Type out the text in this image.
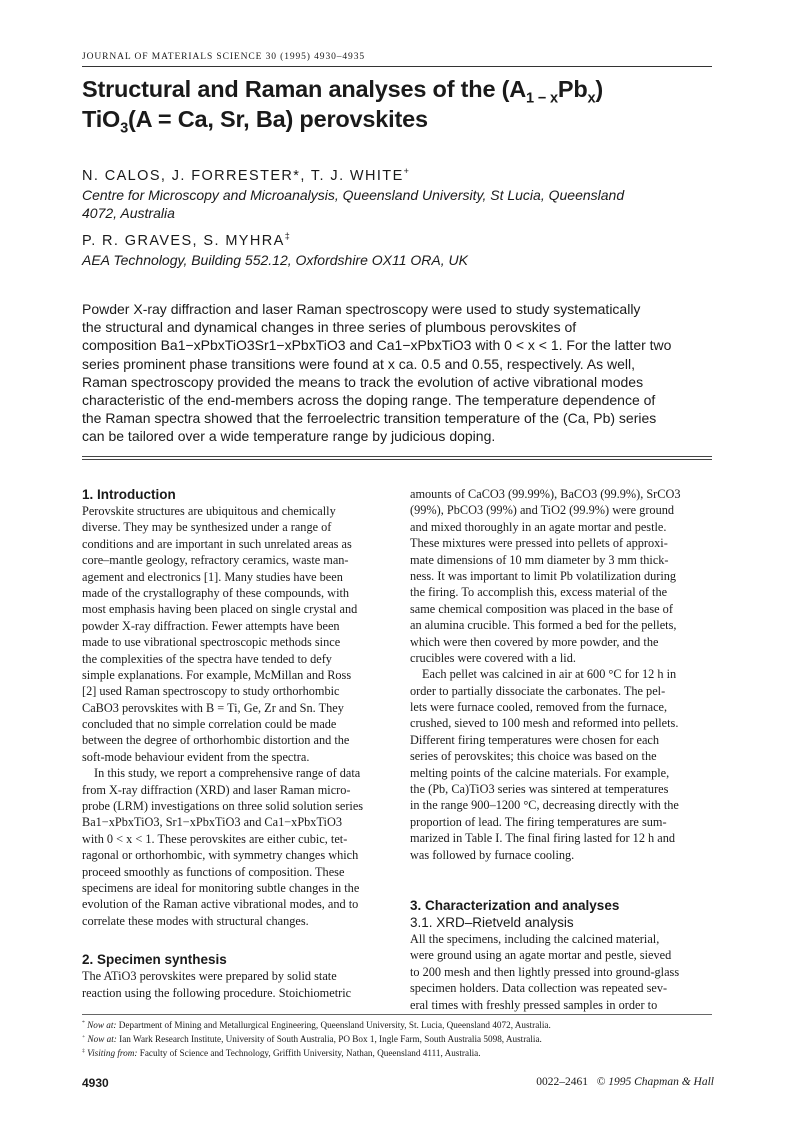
JOURNAL OF MATERIALS SCIENCE 30 (1995) 4930–4935
Structural and Raman analyses of the $(A_{1 - x}Pb_x)$
TiO$_3$(A = Ca, Sr, Ba) perovskites
N. CALOS, J. FORRESTER*, T. J. WHITE+
Centre for Microscopy and Microanalysis, Queensland University, St Lucia, Queensland
4072, Australia
P. R. GRAVES, S. MYHRA‡
AEA Technology, Building 552.12, Oxfordshire OX11 ORA, UK
Powder X-ray diffraction and laser Raman spectroscopy were used to study systematically
the structural and dynamical changes in three series of plumbous perovskites of
composition Ba1−xPbxTiO3Sr1−xPbxTiO3 and Ca1−xPbxTiO3 with 0 < x < 1. For the latter two
series prominent phase transitions were found at x ca. 0.5 and 0.55, respectively. As well,
Raman spectroscopy provided the means to track the evolution of active vibrational modes
characteristic of the end-members across the doping range. The temperature dependence of
the Raman spectra showed that the ferroelectric transition temperature of the (Ca, Pb) series
can be tailored over a wide temperature range by judicious doping.
1. Introduction
Perovskite structures are ubiquitous and chemically
diverse. They may be synthesized under a range of
conditions and are important in such unrelated areas as
core–mantle geology, refractory ceramics, waste man-
agement and electronics [1]. Many studies have been
made of the crystallography of these compounds, with
most emphasis having been placed on single crystal and
powder X-ray diffraction. Fewer attempts have been
made to use vibrational spectroscopic methods since
the complexities of the spectra have tended to defy
simple explanations. For example, McMillan and Ross
[2] used Raman spectroscopy to study orthorhombic
CaBO3 perovskites with B = Ti, Ge, Zr and Sn. They
concluded that no simple correlation could be made
between the degree of orthorhombic distortion and the
soft-mode behaviour evident from the spectra.
In this study, we report a comprehensive range of data
from X-ray diffraction (XRD) and laser Raman micro-
probe (LRM) investigations on three solid solution series
Ba1−xPbxTiO3, Sr1−xPbxTiO3 and Ca1−xPbxTiO3
with 0 < x < 1. These perovskites are either cubic, tet-
ragonal or orthorhombic, with symmetry changes which
proceed smoothly as functions of composition. These
specimens are ideal for monitoring subtle changes in the
evolution of the Raman active vibrational modes, and to
correlate these modes with structural changes.
2. Specimen synthesis
The ATiO3 perovskites were prepared by solid state
reaction using the following procedure. Stoichiometric
amounts of CaCO3 (99.99%), BaCO3 (99.9%), SrCO3
(99%), PbCO3 (99%) and TiO2 (99.9%) were ground
and mixed thoroughly in an agate mortar and pestle.
These mixtures were pressed into pellets of approxi-
mate dimensions of 10 mm diameter by 3 mm thick-
ness. It was important to limit Pb volatilization during
the firing. To accomplish this, excess material of the
same chemical composition was placed in the base of
an alumina crucible. This formed a bed for the pellets,
which were then covered by more powder, and the
crucibles were covered with a lid.
Each pellet was calcined in air at 600 °C for 12 h in
order to partially dissociate the carbonates. The pel-
lets were furnace cooled, removed from the furnace,
crushed, sieved to 100 mesh and reformed into pellets.
Different firing temperatures were chosen for each
series of perovskites; this choice was based on the
melting points of the calcine materials. For example,
the (Pb, Ca)TiO3 series was sintered at temperatures
in the range 900–1200 °C, decreasing directly with the
proportion of lead. The firing temperatures are sum-
marized in Table I. The final firing lasted for 12 h and
was followed by furnace cooling.
3. Characterization and analyses
3.1. XRD–Rietveld analysis
All the specimens, including the calcined material,
were ground using an agate mortar and pestle, sieved
to 200 mesh and then lightly pressed into ground-glass
specimen holders. Data collection was repeated sev-
eral times with freshly pressed samples in order to
* Now at: Department of Mining and Metallurgical Engineering, Queensland University, St. Lucia, Queensland 4072, Australia.
+ Now at: Ian Wark Research Institute, University of South Australia, PO Box 1, Ingle Farm, South Australia 5098, Australia.
‡ Visiting from: Faculty of Science and Technology, Griffith University, Nathan, Queensland 4111, Australia.
4930	0022–2461 © 1995 Chapman & Hall
